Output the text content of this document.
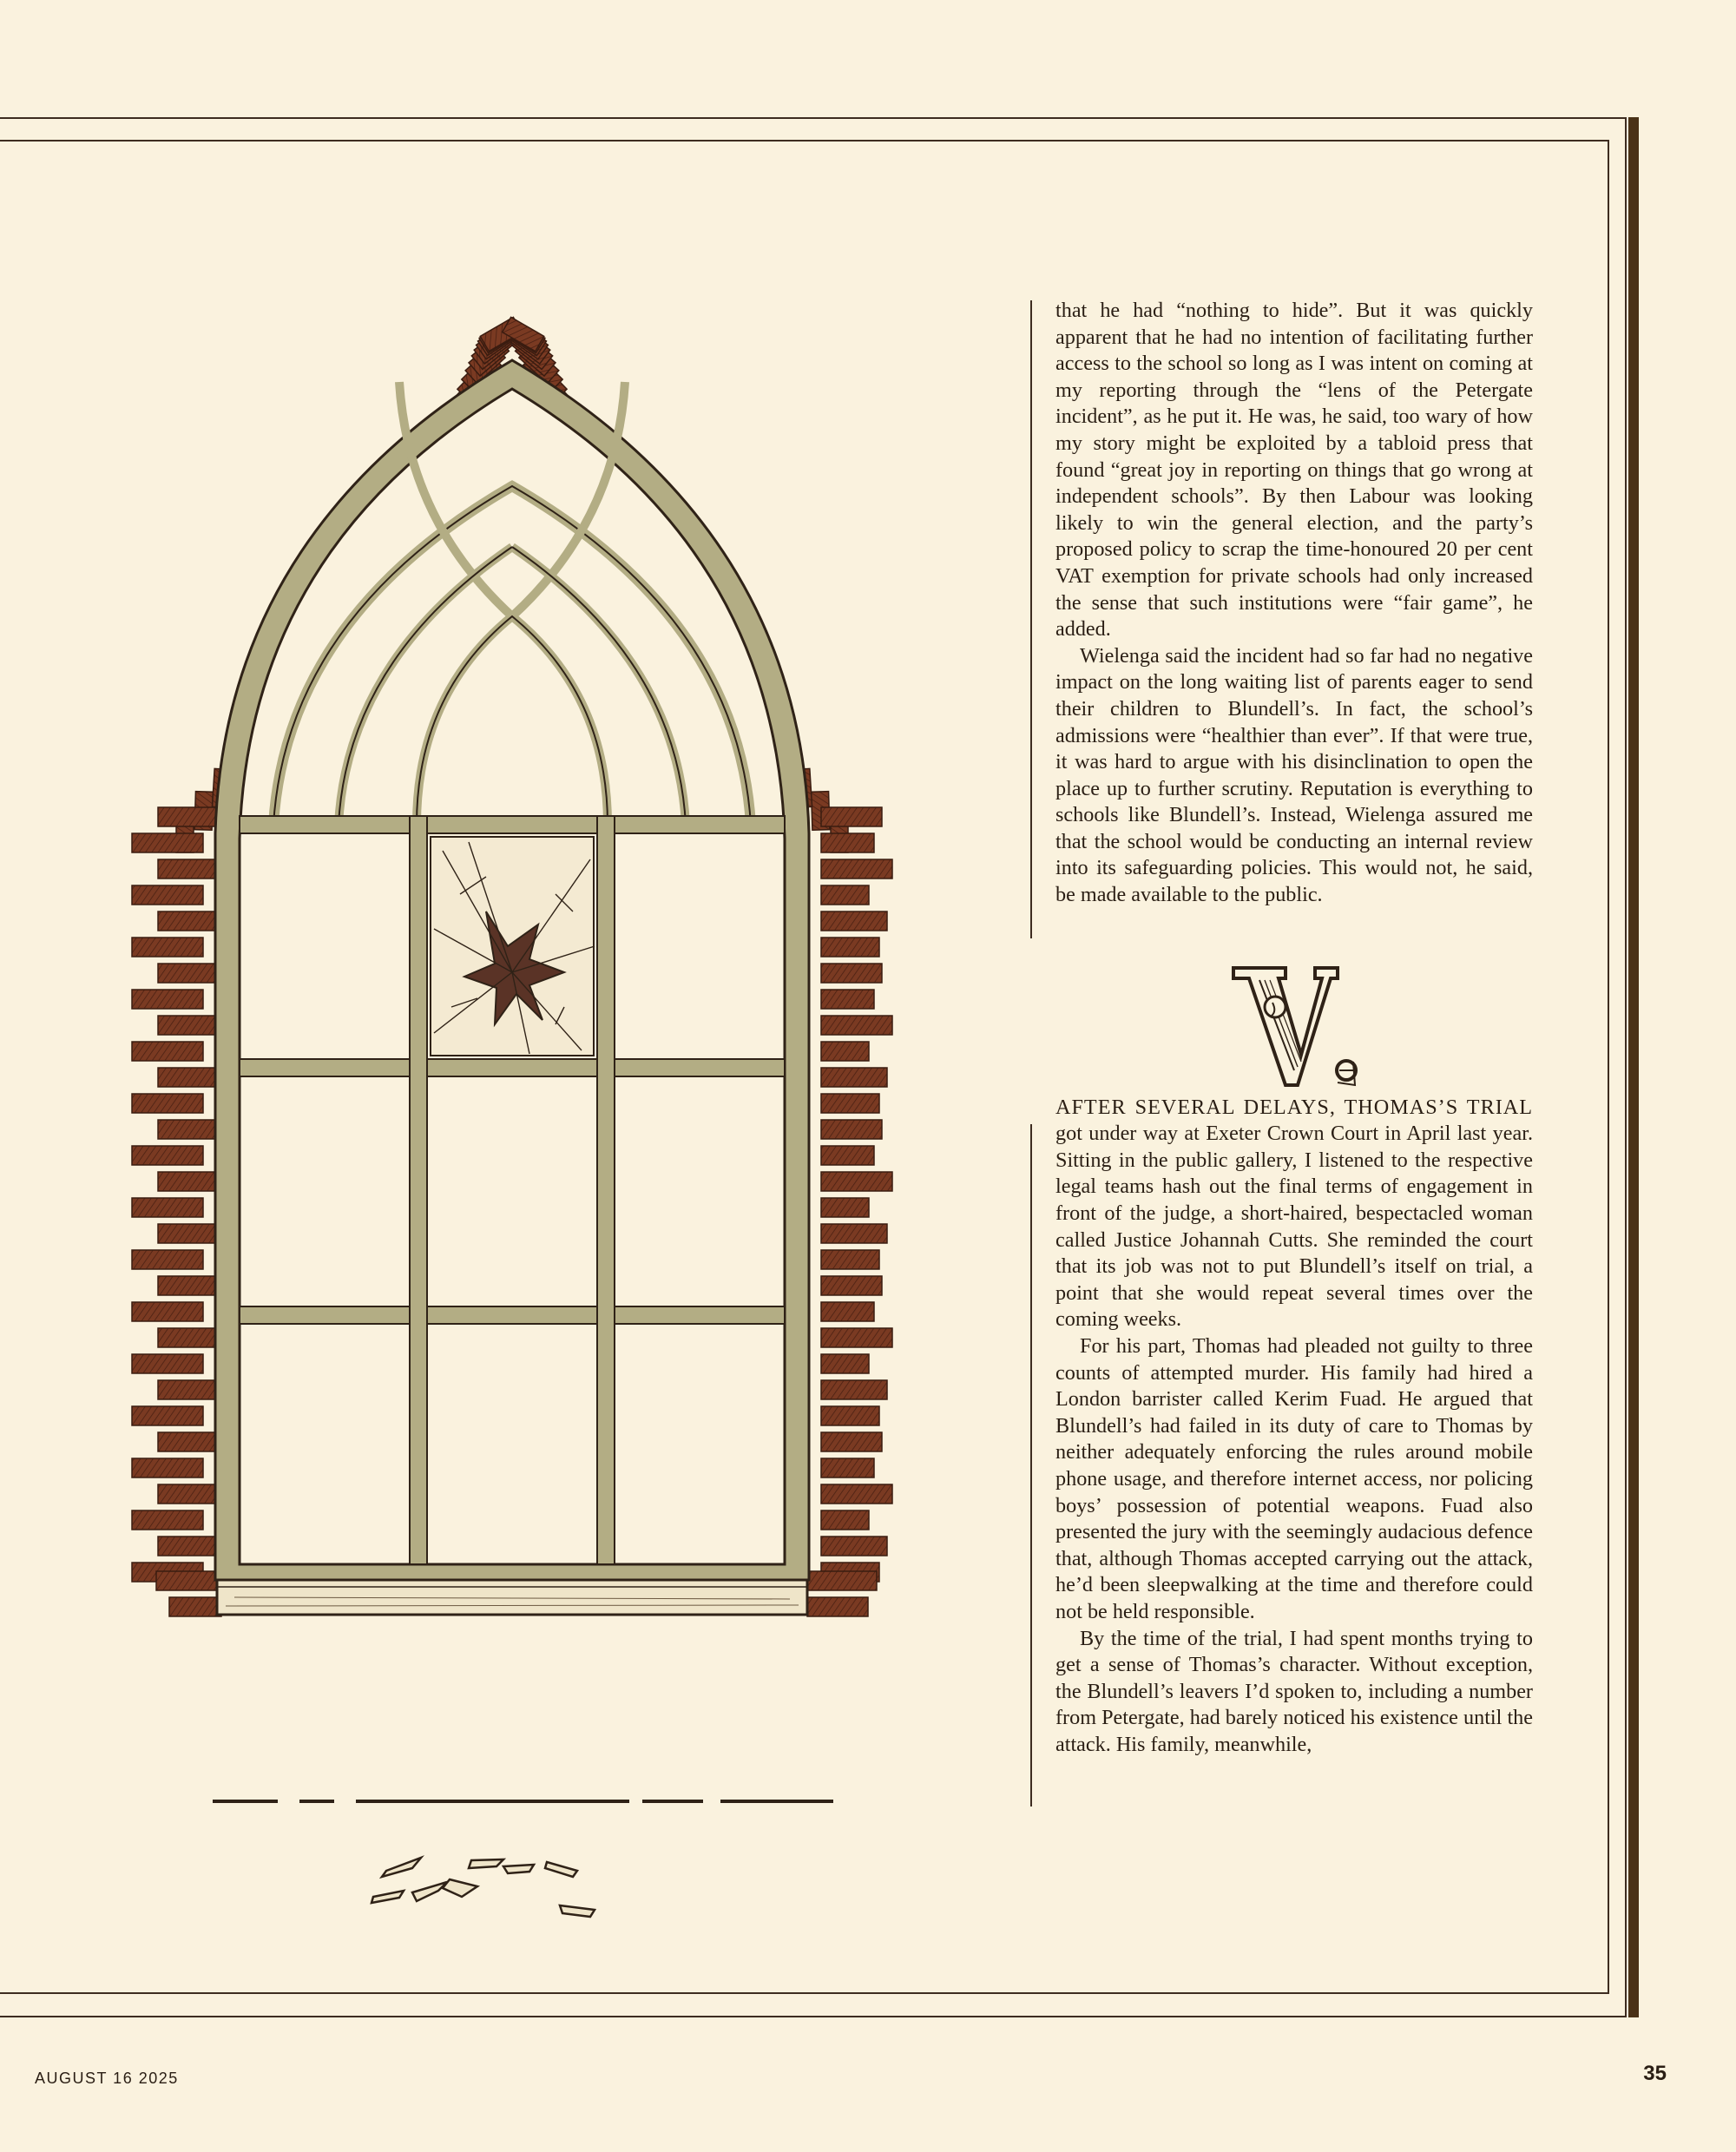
that he had “nothing to hide”. But it was quickly apparent that he had no intention of facilitating further access to the school so long as I was intent on coming at my reporting through the “lens of the Petergate incident”, as he put it. He was, he said, too wary of how my story might be exploited by a tabloid press that found “great joy in reporting on things that go wrong at independent schools”. By then Labour was looking likely to win the general election, and the party’s proposed policy to scrap the time-honoured 20 per cent VAT exemption for private schools had only increased the sense that such institutions were “fair game”, he added.

Wielenga said the incident had so far had no negative impact on the long waiting list of parents eager to send their children to Blundell’s. In fact, the school’s admissions were “healthier than ever”. If that were true, it was hard to argue with his disinclination to open the place up to further scrutiny. Reputation is everything to schools like Blundell’s. Instead, Wielenga assured me that the school would be conducting an internal review into its safeguarding policies. This would not, he said, be made available to the public.

AFTER SEVERAL DELAYS, THOMAS’S TRIAL got under way at Exeter Crown Court in April last year. Sitting in the public gallery, I listened to the respective legal teams hash out the final terms of engagement in front of the judge, a short-haired, bespectacled woman called Justice Johannah Cutts. She reminded the court that its job was not to put Blundell’s itself on trial, a point that she would repeat several times over the coming weeks.

For his part, Thomas had pleaded not guilty to three counts of attempted murder. His family had hired a London barrister called Kerim Fuad. He argued that Blundell’s had failed in its duty of care to Thomas by neither adequately enforcing the rules around mobile phone usage, and therefore internet access, nor policing boys’ possession of potential weapons. Fuad also presented the jury with the seemingly audacious defence that, although Thomas accepted carrying out the attack, he’d been sleepwalking at the time and therefore could not be held responsible.

By the time of the trial, I had spent months trying to get a sense of Thomas’s character. Without exception, the Blundell’s leavers I’d spoken to, including a number from Petergate, had barely noticed his existence until the attack. His family, meanwhile,

AUGUST 16 2025	35
